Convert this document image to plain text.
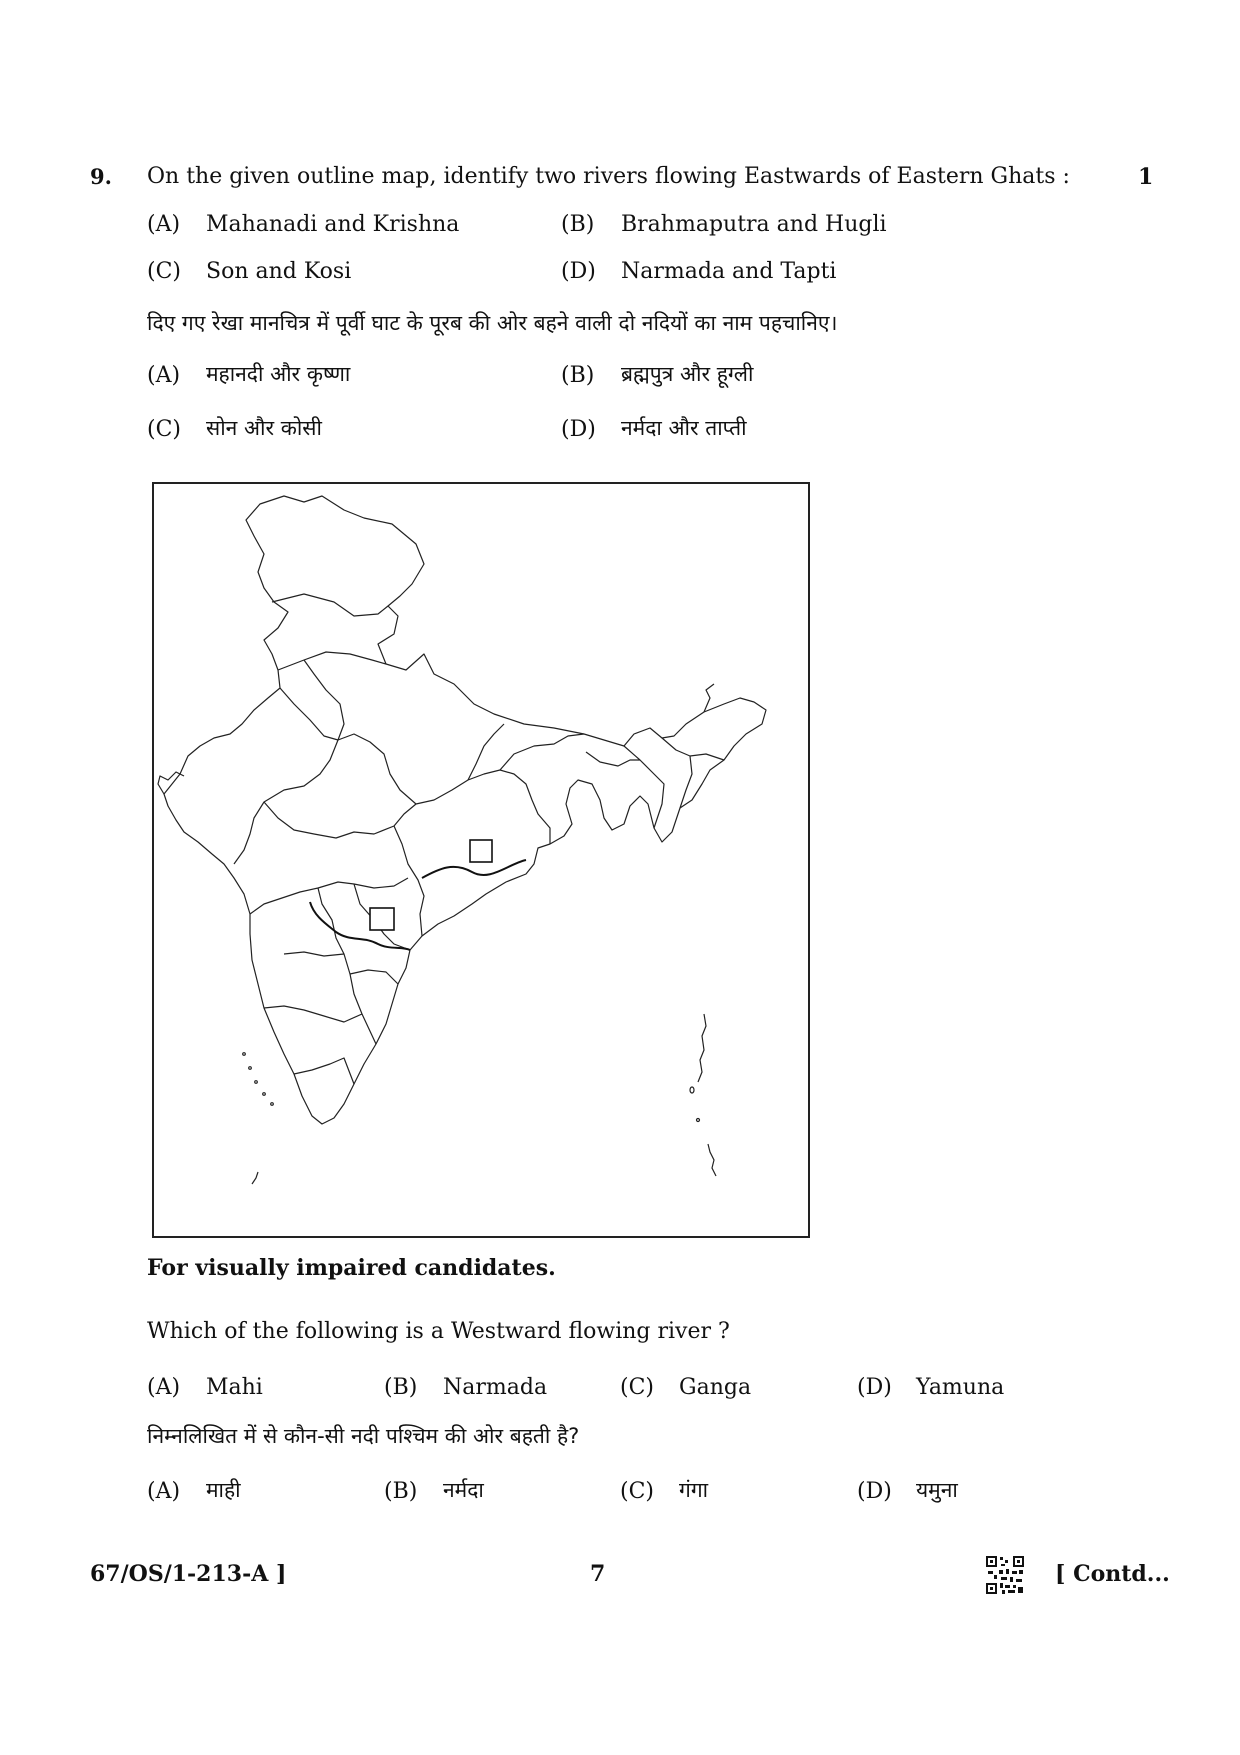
9. On the given outline map, identify two rivers flowing Eastwards of Eastern Ghats :	1
(A) Mahanadi and Krishna	(B) Brahmaputra and Hugli
(C) Son and Kosi	(D) Narmada and Tapti
दिए गए रेखा मानचित्र में पूर्वी घाट के पूरब की ओर बहने वाली दो नदियों का नाम पहचानिए।
(A) महानदी और कृष्णा	(B) ब्रह्मपुत्र और हूग्ली
(C) सोन और कोसी	(D) नर्मदा और ताप्ती
For visually impaired candidates.
Which of the following is a Westward flowing river ?
(A) Mahi	(B) Narmada	(C) Ganga	(D) Yamuna
निम्नलिखित में से कौन-सी नदी पश्चिम की ओर बहती है?
(A) माही	(B) नर्मदा	(C) गंगा	(D) यमुना
67/OS/1-213-A ]	7	[ Contd...
